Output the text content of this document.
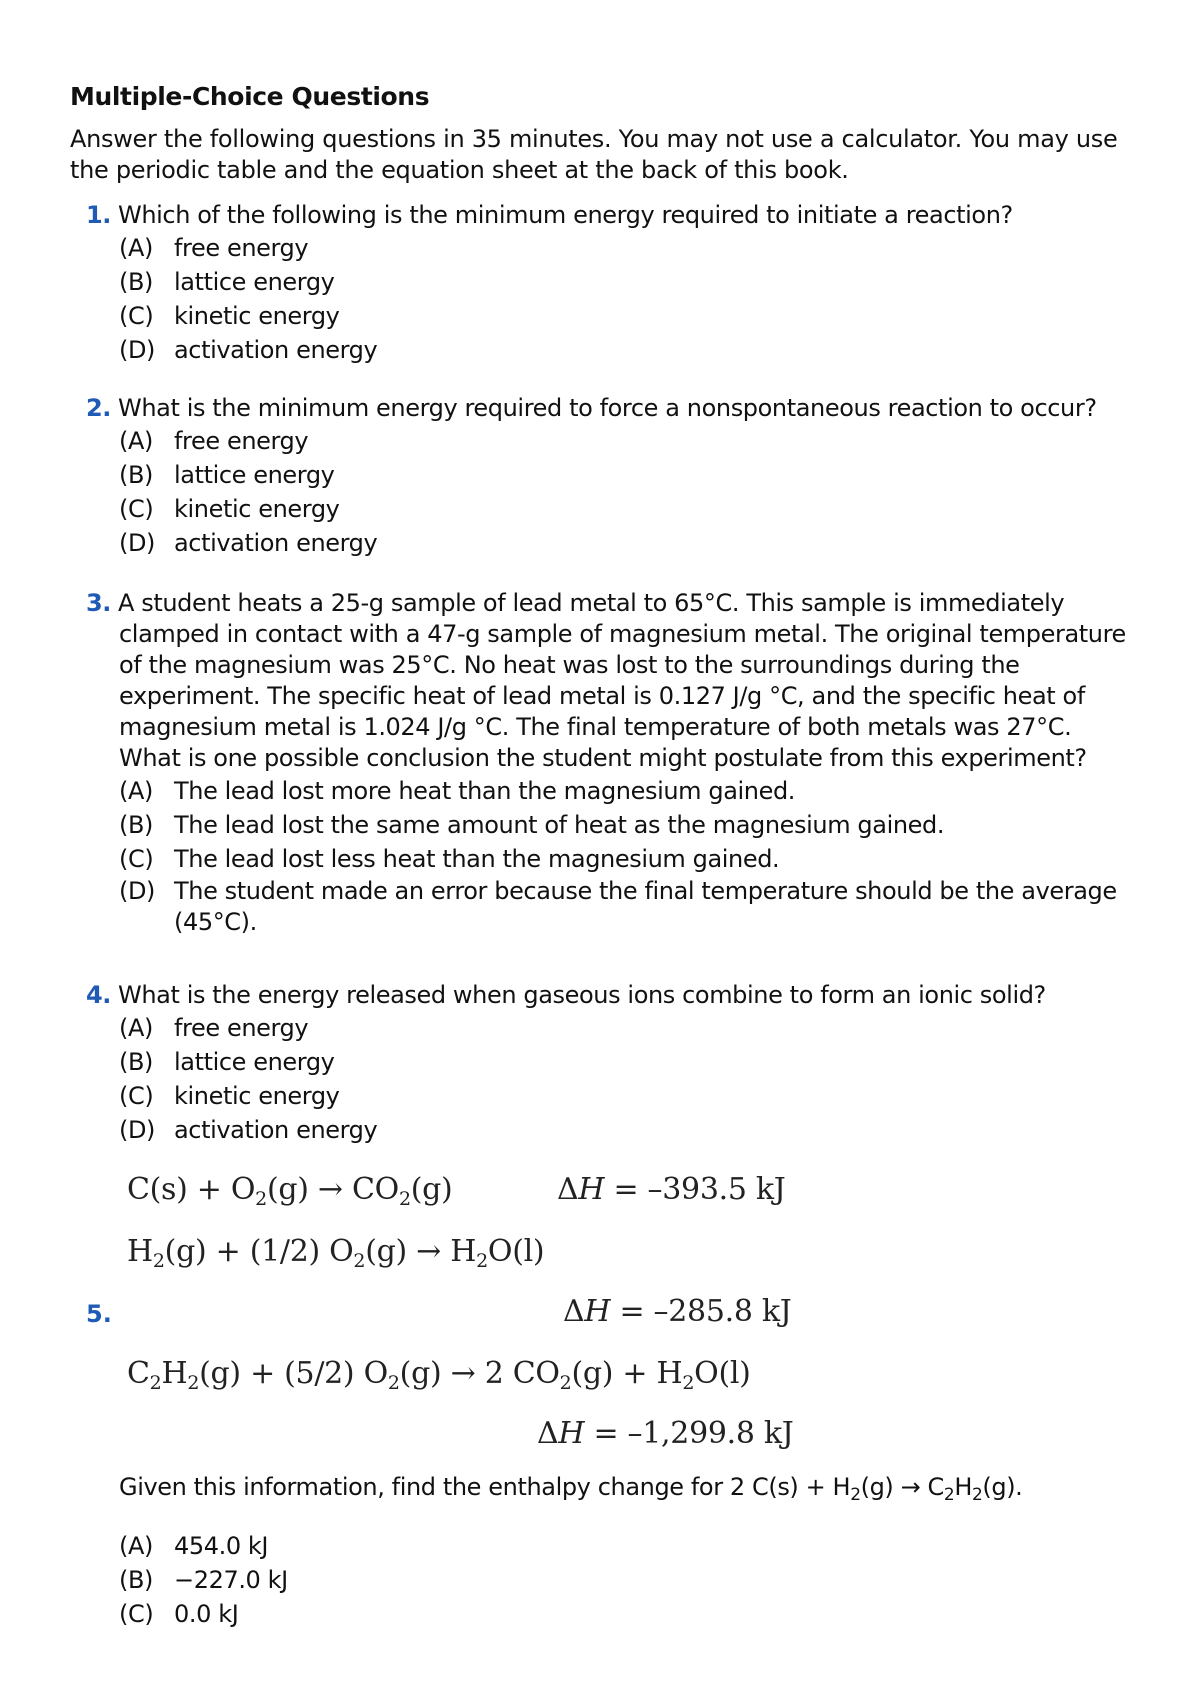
Multiple-Choice Questions
Answer the following questions in 35 minutes. You may not use a calculator. You may use the periodic table and the equation sheet at the back of this book.
1. Which of the following is the minimum energy required to initiate a reaction?
(A) free energy
(B) lattice energy
(C) kinetic energy
(D) activation energy
2. What is the minimum energy required to force a nonspontaneous reaction to occur?
(A) free energy
(B) lattice energy
(C) kinetic energy
(D) activation energy
3. A student heats a 25-g sample of lead metal to 65°C. This sample is immediately
clamped in contact with a 47-g sample of magnesium metal. The original temperature of the magnesium was 25°C. No heat was lost to the surroundings during the experiment. The specific heat of lead metal is 0.127 J/g °C, and the specific heat of magnesium metal is 1.024 J/g °C. The final temperature of both metals was 27°C. What is one possible conclusion the student might postulate from this experiment?
(A) The lead lost more heat than the magnesium gained.
(B) The lead lost the same amount of heat as the magnesium gained.
(C) The lead lost less heat than the magnesium gained.
(D) The student made an error because the final temperature should be the average (45°C).
4. What is the energy released when gaseous ions combine to form an ionic solid?
(A) free energy
(B) lattice energy
(C) kinetic energy
(D) activation energy
$C(s) + O_2(g) \to CO_2(g)$	ΔH = –393.5 kJ
$H_2(g) + (1/2) O_2(g) \to H_2O(l)$
5.	ΔH = –285.8 kJ
$C_2H_2(g) + (5/2) O_2(g) \to 2$ $CO_2(g) + H_2O(l)$
ΔH = –1,299.8 kJ
Given this information, find the enthalpy change for 2 $C(s) + H_2(g) \to C_2H_2(g)$.
(A) 454.0 kJ
(B) −227.0 kJ
(C) 0.0 kJ
